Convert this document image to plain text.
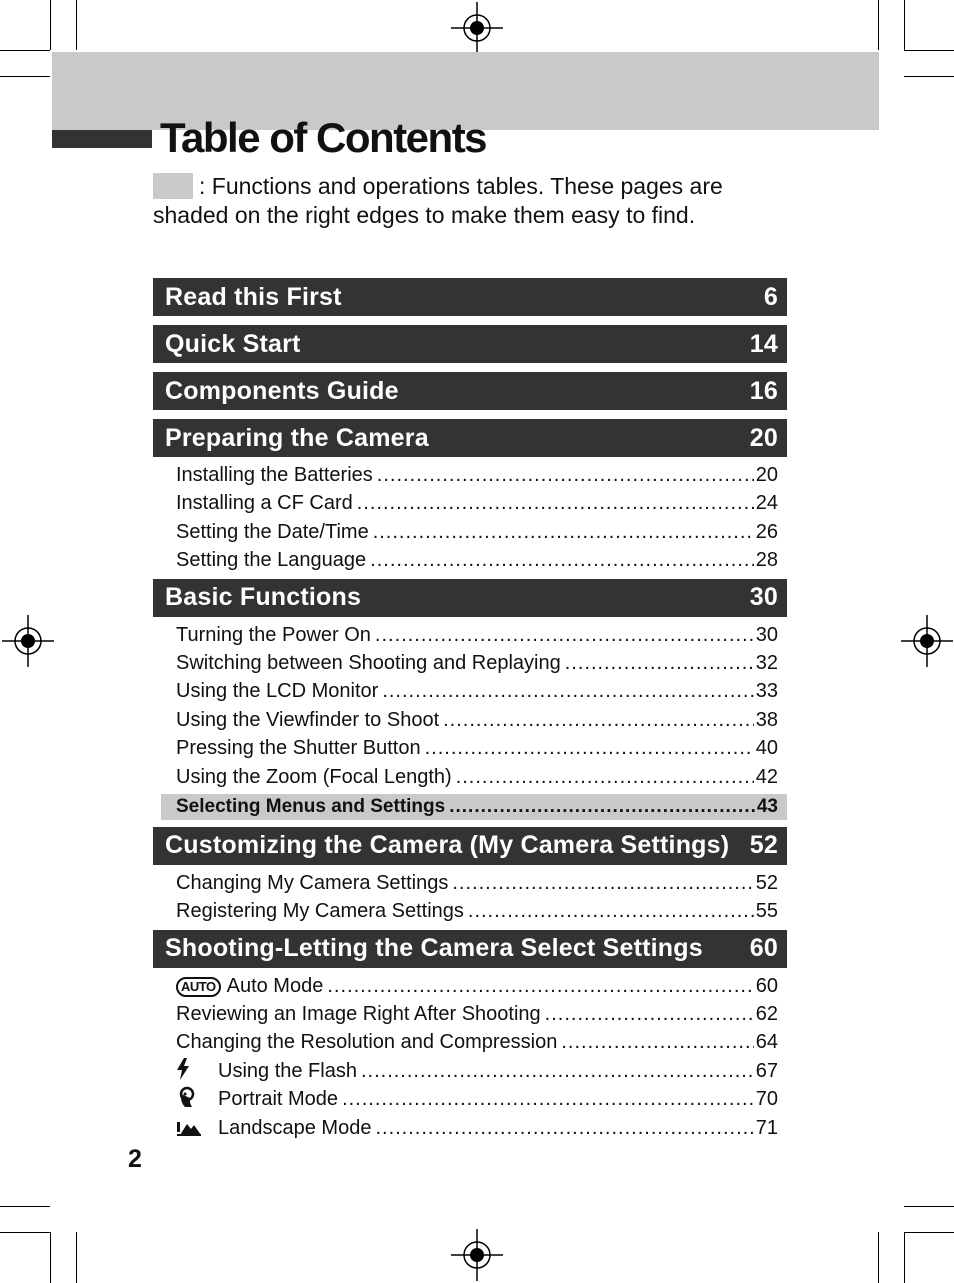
Table of Contents

: Functions and operations tables. These pages are shaded on the right edges to make them easy to find.

Read this First	6
Quick Start	14
Components Guide	16
Preparing the Camera	20
Installing the Batteries .....	20
Installing a CF Card .....	24
Setting the Date/Time .....	26
Setting the Language .....	28
Basic Functions	30
Turning the Power On .....	30
Switching between Shooting and Replaying .....	32
Using the LCD Monitor .....	33
Using the Viewfinder to Shoot .....	38
Pressing the Shutter Button .....	40
Using the Zoom (Focal Length) .....	42
Selecting Menus and Settings .....	43
Customizing the Camera (My Camera Settings) 52
Changing My Camera Settings .....	52
Registering My Camera Settings .....	55
Shooting-Letting the Camera Select Settings 60
AUTO Auto Mode .....	60
Reviewing an Image Right After Shooting .....	62
Changing the Resolution and Compression .....	64
Using the Flash .....	67
Portrait Mode .....	70
Landscape Mode .....	71
2
